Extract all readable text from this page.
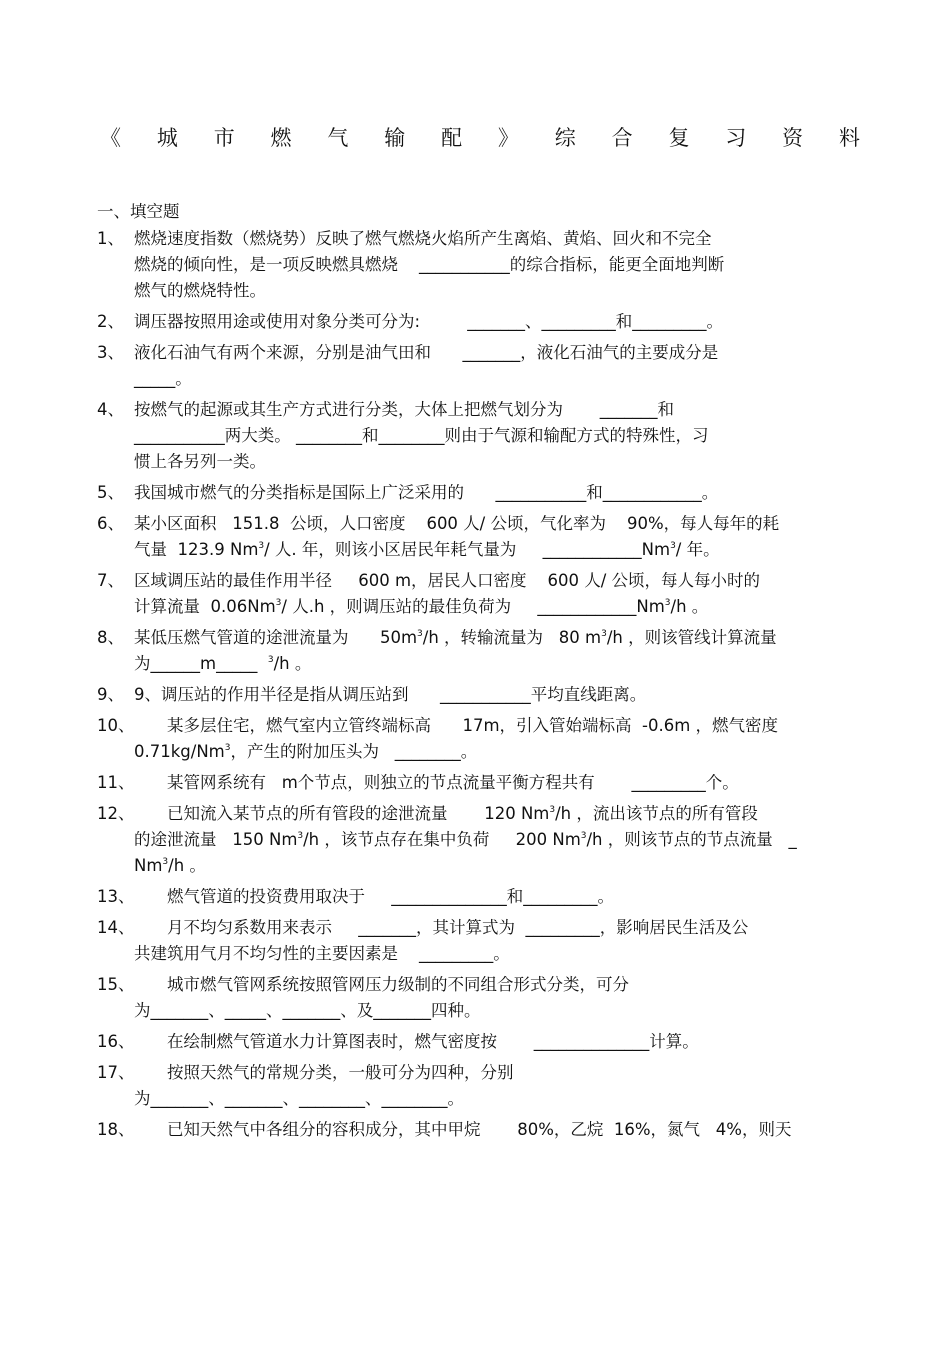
《 城 市 燃 气 输 配 》 综 合 复 习 资 料
一、填空题
1、 燃烧速度指数（燃烧势）反映了燃气燃烧火焰所产生离焰、黄焰、回火和不完全
燃烧的倾向性，是一项反映燃具燃烧    ___________的综合指标，能更全面地判断
燃气的燃烧特性。
2、 调压器按照用途或使用对象分类可分为:         _______、_________和_________。
3、 液化石油气有两个来源，分别是油气田和      _______，液化石油气的主要成分是
_____。
4、 按燃气的起源或其生产方式进行分类，大体上把燃气划分为       _______和
___________两大类。 ________和________则由于气源和输配方式的特殊性，习
惯上各另列一类。
5、 我国城市燃气的分类指标是国际上广泛采用的      ___________和____________。
6、 某小区面积   151.8  公顷，人口密度    600 人/ 公顷，气化率为    90%，每人每年的耗
气量  123.9 Nm$^3$/ 人. 年，则该小区居民年耗气量为     ____________Nm$^3$/ 年。
7、 区域调压站的最佳作用半径     600 m，居民人口密度    600 人/ 公顷，每人每小时的
计算流量  0.06Nm$^3$/ 人.h ，则调压站的最佳负荷为     ____________Nm$^3$/h 。
8、 某低压燃气管道的途泄流量为      $50m^3/h$ ，转输流量为   80 $m^3/h$ ，则该管线计算流量
为______m_____  $^3$/h 。
9、 9、调压站的作用半径是指从调压站到      ___________平均直线距离。
10、	某多层住宅，燃气室内立管终端标高      17m，引入管始端标高  -0.6m ，燃气密度
0.71kg/Nm$^3$，产生的附加压头为   ________。
11、	某管网系统有   m个节点，则独立的节点流量平衡方程共有       _________个。
12、	已知流入某节点的所有管段的途泄流量       120 Nm$^3$/h ，流出该节点的所有管段
的途泄流量   150 Nm$^3$/h ，该节点存在集中负荷     200 Nm$^3$/h ，则该节点的节点流量   _
Nm$^3$/h 。
13、	燃气管道的投资费用取决于     ______________和_________。
14、	月不均匀系数用来表示     _______，其计算式为  _________，影响居民生活及公
共建筑用气月不均匀性的主要因素是    _________。
15、	城市燃气管网系统按照管网压力级制的不同组合形式分类，可分
为_______、_____、_______、及_______四种。
16、	在绘制燃气管道水力计算图表时，燃气密度按       ______________计算。
17、	按照天然气的常规分类，一般可分为四种，分别
为_______、_______、________、________。
18、	已知天然气中各组分的容积成分，其中甲烷       80%，乙烷  16%，氮气   4%，则天
